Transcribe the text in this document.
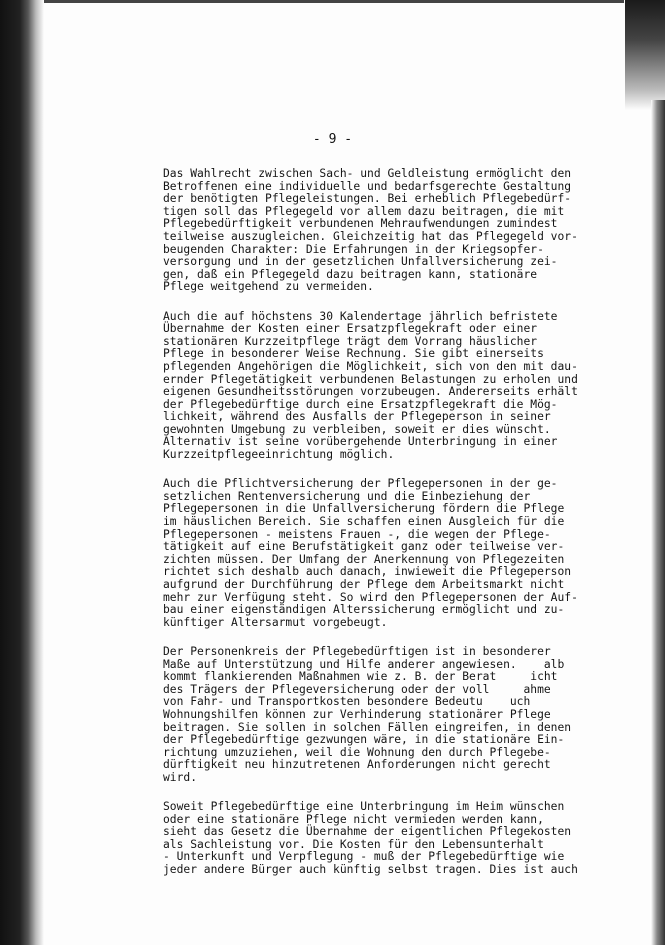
- 9 -
Das Wahlrecht zwischen Sach- und Geldleistung ermöglicht den
Betroffenen eine individuelle und bedarfsgerechte Gestaltung
der benötigten Pflegeleistungen. Bei erheblich Pflegebedürf-
tigen soll das Pflegegeld vor allem dazu beitragen, die mit
Pflegebedürftigkeit verbundenen Mehraufwendungen zumindest
teilweise auszugleichen. Gleichzeitig hat das Pflegegeld vor-
beugenden Charakter: Die Erfahrungen in der Kriegsopfer-
versorgung und in der gesetzlichen Unfallversicherung zei-
gen, daß ein Pflegegeld dazu beitragen kann, stationäre
Pflege weitgehend zu vermeiden.
Auch die auf höchstens 30 Kalendertage jährlich befristete
Übernahme der Kosten einer Ersatzpflegekraft oder einer
stationären Kurzzeitpflege trägt dem Vorrang häuslicher
Pflege in besonderer Weise Rechnung. Sie gibt einerseits
pflegenden Angehörigen die Möglichkeit, sich von den mit dau-
ernder Pflegetätigkeit verbundenen Belastungen zu erholen und
eigenen Gesundheitsstörungen vorzubeugen. Andererseits erhält
der Pflegebedürftige durch eine Ersatzpflegekraft die Mög-
lichkeit, während des Ausfalls der Pflegeperson in seiner
gewohnten Umgebung zu verbleiben, soweit er dies wünscht.
Alternativ ist seine vorübergehende Unterbringung in einer
Kurzzeitpflegeeinrichtung möglich.
Auch die Pflichtversicherung der Pflegepersonen in der ge-
setzlichen Rentenversicherung und die Einbeziehung der
Pflegepersonen in die Unfallversicherung fördern die Pflege
im häuslichen Bereich. Sie schaffen einen Ausgleich für die
Pflegepersonen - meistens Frauen -, die wegen der Pflege-
tätigkeit auf eine Berufstätigkeit ganz oder teilweise ver-
zichten müssen. Der Umfang der Anerkennung von Pflegezeiten
richtet sich deshalb auch danach, inwieweit die Pflegeperson
aufgrund der Durchführung der Pflege dem Arbeitsmarkt nicht
mehr zur Verfügung steht. So wird den Pflegepersonen der Auf-
bau einer eigenständigen Alterssicherung ermöglicht und zu-
künftiger Altersarmut vorgebeugt.
Der Personenkreis der Pflegebedürftigen ist in besonderer
Maße auf Unterstützung und Hilfe anderer angewiesen.    alb
kommt flankierenden Maßnahmen wie z. B. der Berat     icht
des Trägers der Pflegeversicherung oder der voll     ahme
von Fahr- und Transportkosten besondere Bedeutu    uch
Wohnungshilfen können zur Verhinderung stationärer Pflege
beitragen. Sie sollen in solchen Fällen eingreifen, in denen
der Pflegebedürftige gezwungen wäre, in die stationäre Ein-
richtung umzuziehen, weil die Wohnung den durch Pflegebe-
dürftigkeit neu hinzutretenen Anforderungen nicht gerecht
wird.
Soweit Pflegebedürftige eine Unterbringung im Heim wünschen
oder eine stationäre Pflege nicht vermieden werden kann,
sieht das Gesetz die Übernahme der eigentlichen Pflegekosten
als Sachleistung vor. Die Kosten für den Lebensunterhalt
- Unterkunft und Verpflegung - muß der Pflegebedürftige wie
jeder andere Bürger auch künftig selbst tragen. Dies ist auch
